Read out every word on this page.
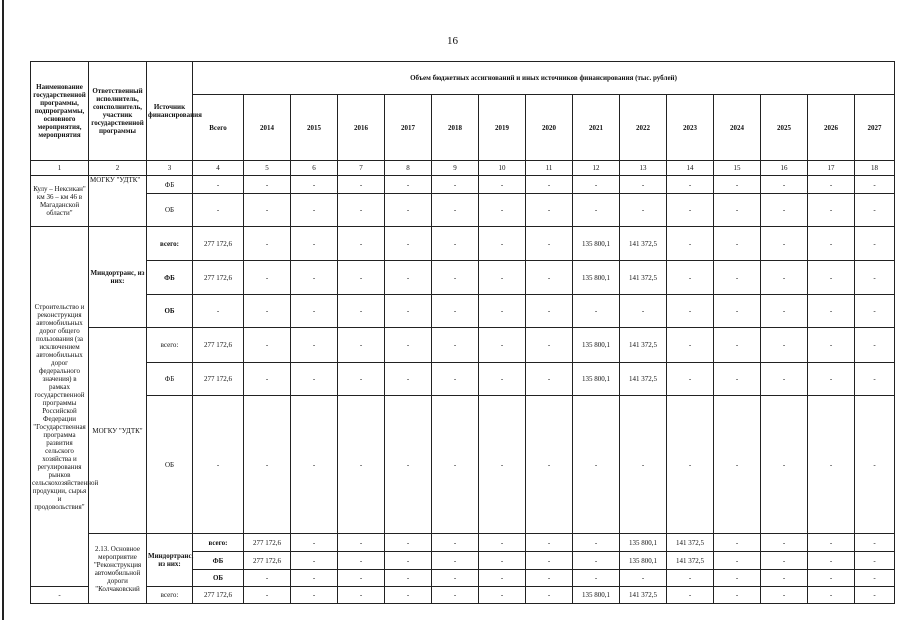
16
Наименование государственной программы, подпрограммы, основного мероприятия, мероприятия	Ответственный исполнитель, соисполнитель, участник государственной программы	Источник финансирования	Объем бюджетных ассигнований и иных источников финансирования (тыс. рублей)															
			Всего	2014	2015	2016	2017	2018	2019	2020	2021	2022	2023	2024	2025	2026	2027	
1	2	3	4	5	6	7	8	9	10	11	12	13	14	15	16	17	18	
Кулу – Нексикан" км 36 – км 46 в Магаданской области"	МОГКУ "УДТК"	ФБ	-	-	-	-	-	-	-	-	-	-	-	-	-	-	-	
		ОБ	-	-	-	-	-	-	-	-	-	-	-	-	-	-	-	
Строительство и реконструкция автомобильных дорог общего пользования (за исключением автомобильных дорог федерального значения) в рамках государственной программы Российской Федерации "Государственная программа развития сельского хозяйства и регулирования рынков сельскохозяйственной продукции, сырья и продовольствия"	Миндортранс, из них:	всего:	277 172,6	-	-	-	-	-	-	-	135 800,1	141 372,5	-	-	-	-	-	
		ФБ	277 172,6	-	-	-	-	-	-	-	135 800,1	141 372,5	-	-	-	-	-	
		ОБ	-	-	-	-	-	-	-	-	-	-	-	-	-	-	-	
	МОГКУ "УДТК"	всего:	277 172,6	-	-	-	-	-	-	-	135 800,1	141 372,5	-	-	-	-	-	
		ФБ	277 172,6	-	-	-	-	-	-	-	135 800,1	141 372,5	-	-	-	-	-	
		ОБ	-	-	-	-	-	-	-	-	-	-	-	-	-	-	-	
	2.13. Основное мероприятие "Реконструкция автомобильной дороги "Колчаковский	Миндортранс, из них:	всего:	277 172,6	-	-	-	-	-	-	-	135 800,1	141 372,5	-	-	-	-	
			ФБ	277 172,6	-	-	-	-	-	-	-	135 800,1	141 372,5	-	-	-	-	
			ОБ	-	-	-	-	-	-	-	-	-	-	-	-	-	-	
-		всего:	277 172,6	-	-	-	-	-	-	-	135 800,1	141 372,5	-	-	-	-	-	
